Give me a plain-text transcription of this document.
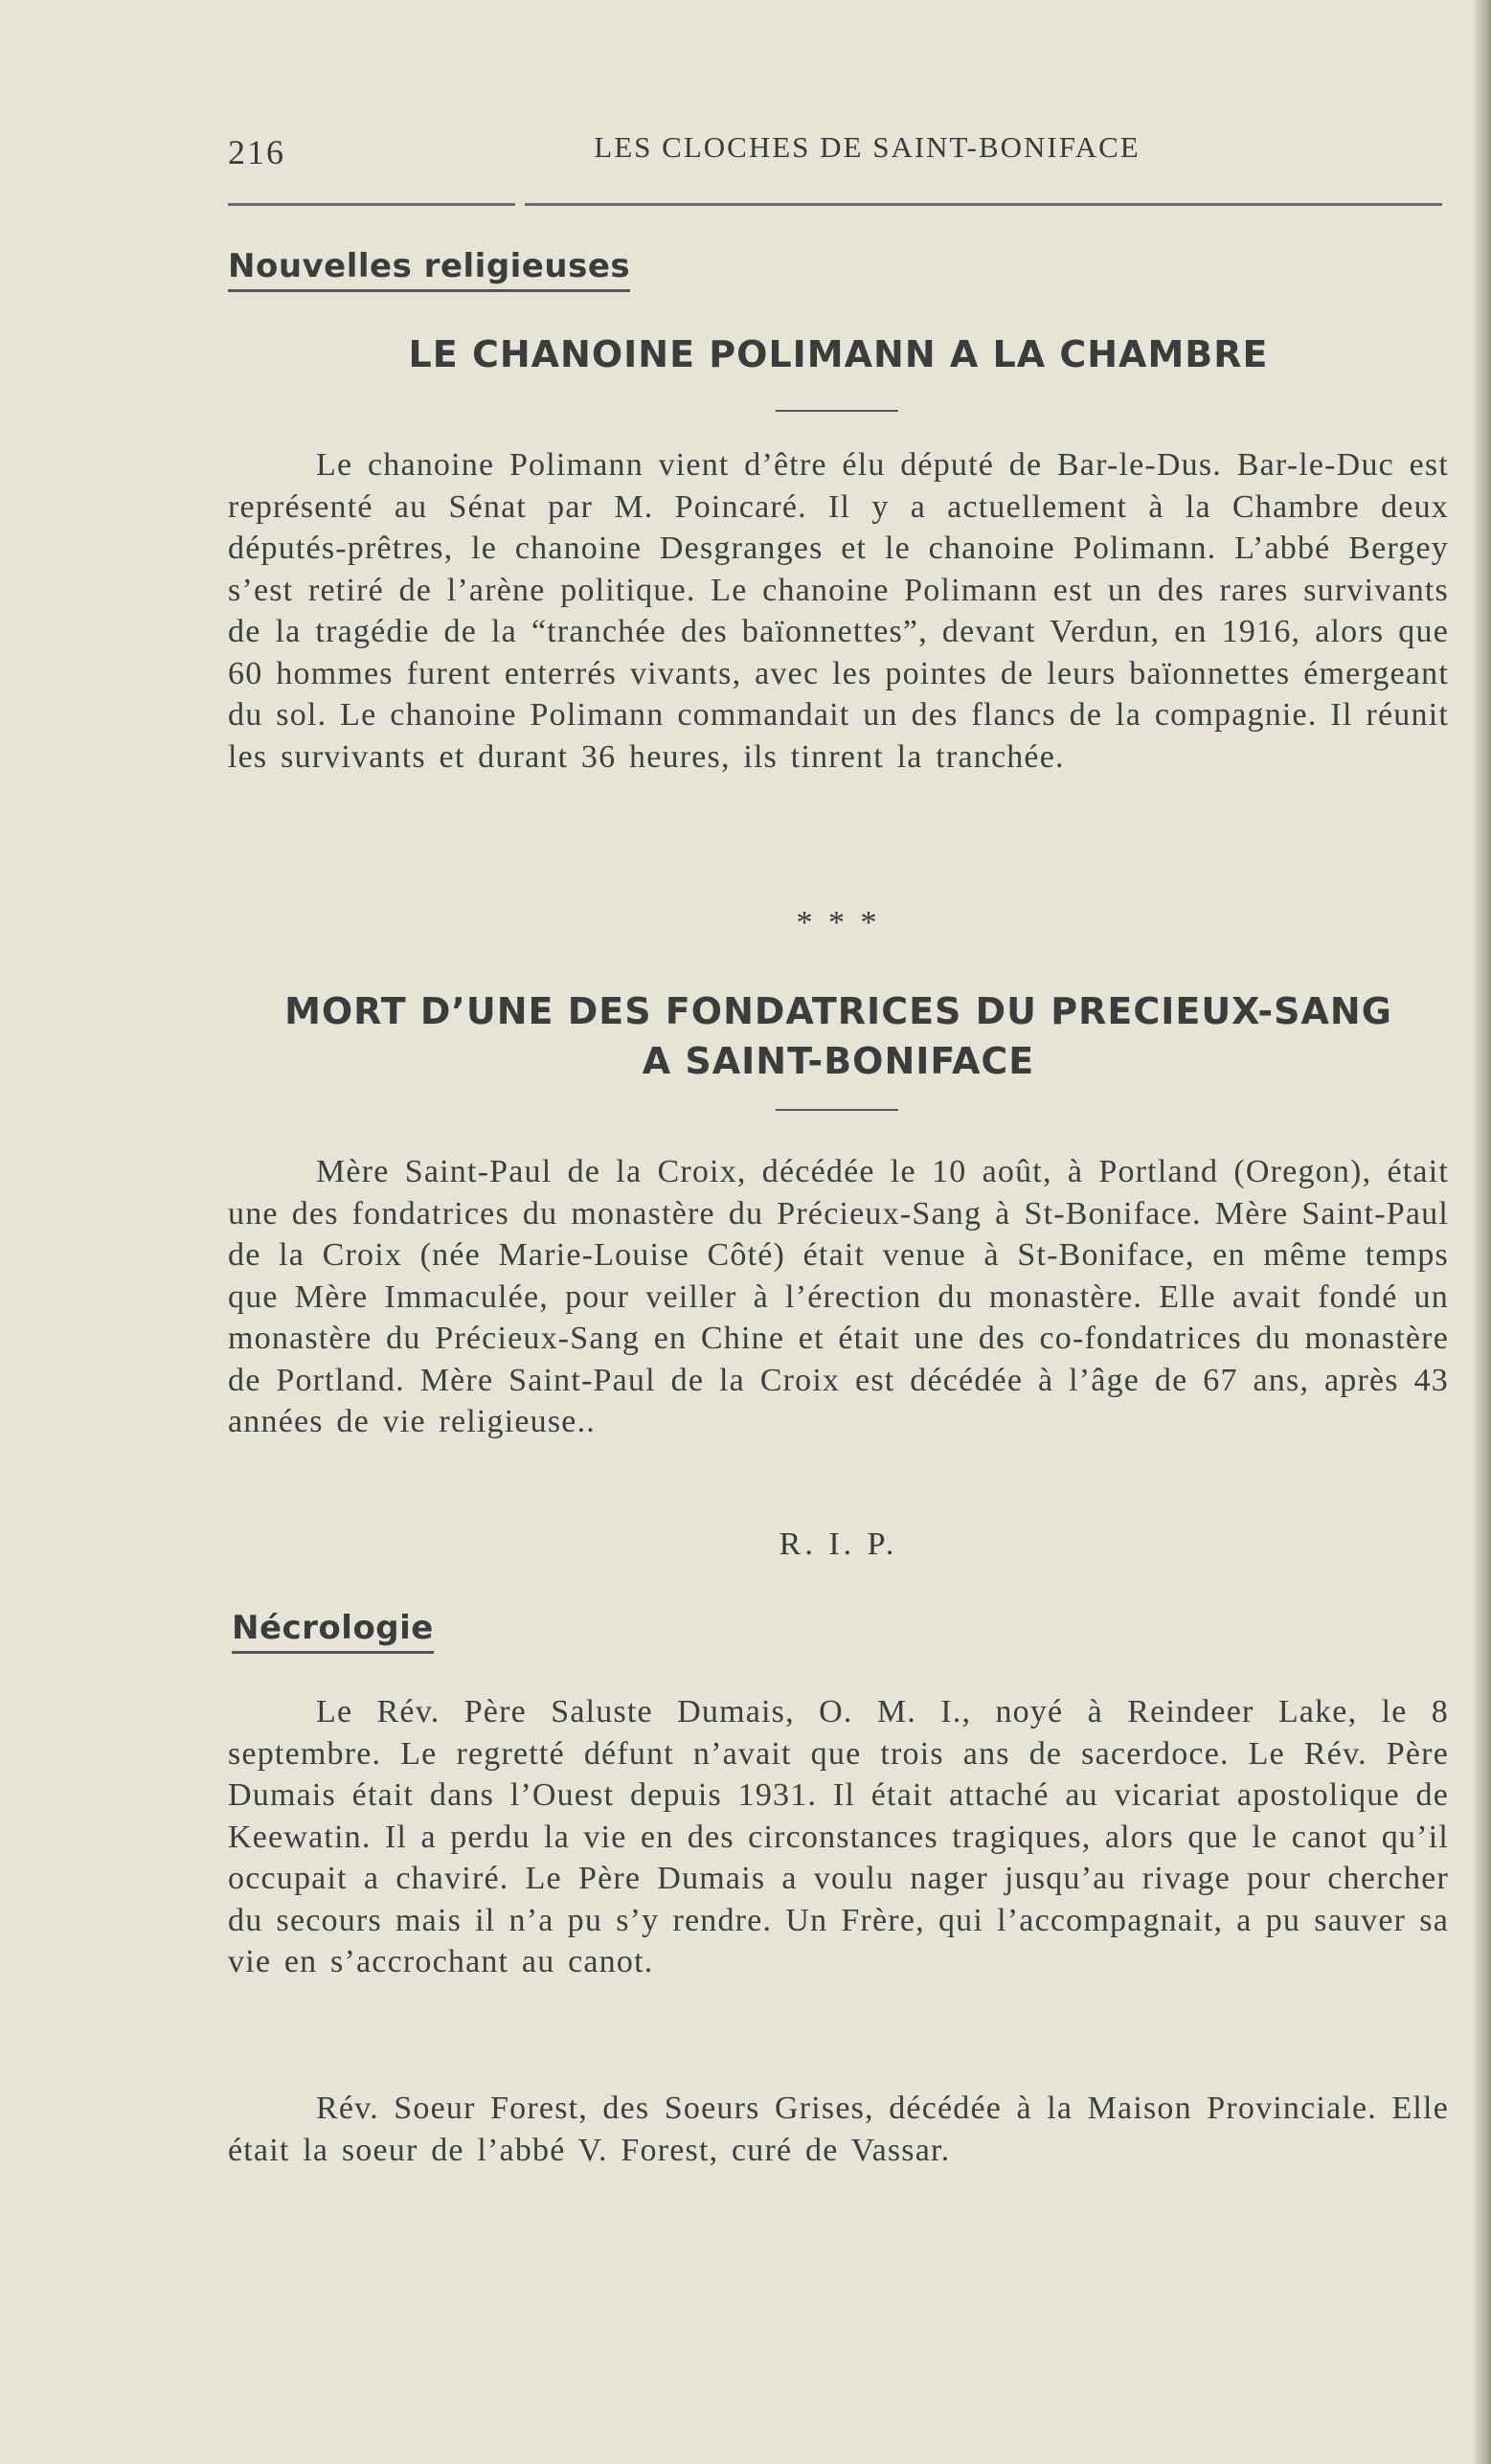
216	LES CLOCHES DE SAINT-BONIFACE
Nouvelles religieuses
LE CHANOINE POLIMANN A LA CHAMBRE
Le chanoine Polimann vient d’être élu député de Bar-le-Dus. Bar-le-Duc est représenté au Sénat par M. Poincaré. Il y a actuellement à la Chambre deux députés-prêtres, le chanoine Desgranges et le chanoine Polimann. L’abbé Bergey s’est retiré de l’arène politique. Le chanoine Polimann est un des rares survivants de la tragédie de la “tranchée des baïonnettes”, devant Verdun, en 1916, alors que 60 hommes furent enterrés vivants, avec les pointes de leurs baïonnettes émergeant du sol. Le chanoine Polimann commandait un des flancs de la compagnie. Il réunit les survivants et durant 36 heures, ils tinrent la tranchée.
* * *
MORT D’UNE DES FONDATRICES DU PRECIEUX-SANG
A SAINT-BONIFACE
Mère Saint-Paul de la Croix, décédée le 10 août, à Portland (Oregon), était une des fondatrices du monastère du Précieux-Sang à St-Boniface. Mère Saint-Paul de la Croix (née Marie-Louise Côté) était venue à St-Boniface, en même temps que Mère Immaculée, pour veiller à l’érection du monastère. Elle avait fondé un monastère du Précieux-Sang en Chine et était une des co-fondatrices du monastère de Portland. Mère Saint-Paul de la Croix est décédée à l’âge de 67 ans, après 43 années de vie religieuse..
R. I. P.
Nécrologie
Le Rév. Père Saluste Dumais, O. M. I., noyé à Reindeer Lake, le 8 septembre. Le regretté défunt n’avait que trois ans de sacerdoce. Le Rév. Père Dumais était dans l’Ouest depuis 1931. Il était attaché au vicariat apostolique de Keewatin. Il a perdu la vie en des circonstances tragiques, alors que le canot qu’il occupait a chaviré. Le Père Dumais a voulu nager jusqu’au rivage pour chercher du secours mais il n’a pu s’y rendre. Un Frère, qui l’accompagnait, a pu sauver sa vie en s’accrochant au canot.
Rév. Soeur Forest, des Soeurs Grises, décédée à la Maison Provinciale. Elle était la soeur de l’abbé V. Forest, curé de Vassar.
